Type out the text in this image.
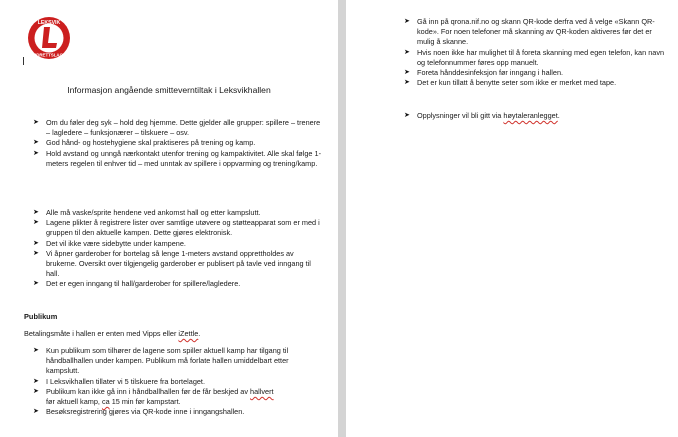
LEKSVIK
IDRETTSLAG
Informasjon angående smitteverntiltak i Leksvikhallen
➤ Om du føler deg syk – hold deg hjemme. Dette gjelder alle grupper: spillere – trenere – lagledere – funksjonærer – tilskuere – osv.
➤ God hånd- og hostehygiene skal praktiseres på trening og kamp.
➤ Hold avstand og unngå nærkontakt utenfor trening og kampaktivitet. Alle skal følge 1-meters regelen til enhver tid – med unntak av spillere i oppvarming og trening/kamp.
➤ Alle må vaske/sprite hendene ved ankomst hall og etter kampslutt.
➤ Lagene plikter å registrere lister over samtlige utøvere og støtteapparat som er med i gruppen til den aktuelle kampen. Dette gjøres elektronisk.
➤ Det vil ikke være sidebytte under kampene.
➤ Vi åpner garderober for bortelag så lenge 1-meters avstand opprettholdes av brukerne. Oversikt over tilgjengelig garderober er publisert på tavle ved inngang til hall.
➤ Det er egen inngang til hall/garderober for spillere/lagledere.
Publikum
Betalingsmåte i hallen er enten med Vipps eller iZettle.
➤ Kun publikum som tilhører de lagene som spiller aktuell kamp har tilgang til håndballhallen under kampen. Publikum må forlate hallen umiddelbart etter kampslutt.
➤ I Leksvikhallen tillater vi 5 tilskuere fra bortelaget.
➤ Publikum kan ikke gå inn i håndballhallen før de får beskjed av hallvert
før aktuell kamp, ca 15 min før kampstart.
➤ Besøksregistrering gjøres via QR-kode inne i inngangshallen.
➤ Gå inn på qrona.nif.no og skann QR-kode derfra ved å velge «Skann QR-kode». For noen telefoner må skanning av QR-koden aktiveres før det er mulig å skanne.
➤ Hvis noen ikke har mulighet til å foreta skanning med egen telefon, kan navn og telefonnummer føres opp manuelt.
➤ Foreta hånddesinfeksjon før inngang i hallen.
➤ Det er kun tillatt å benytte seter som ikke er merket med tape.
➤ Opplysninger vil bli gitt via høytaleranlegget.
